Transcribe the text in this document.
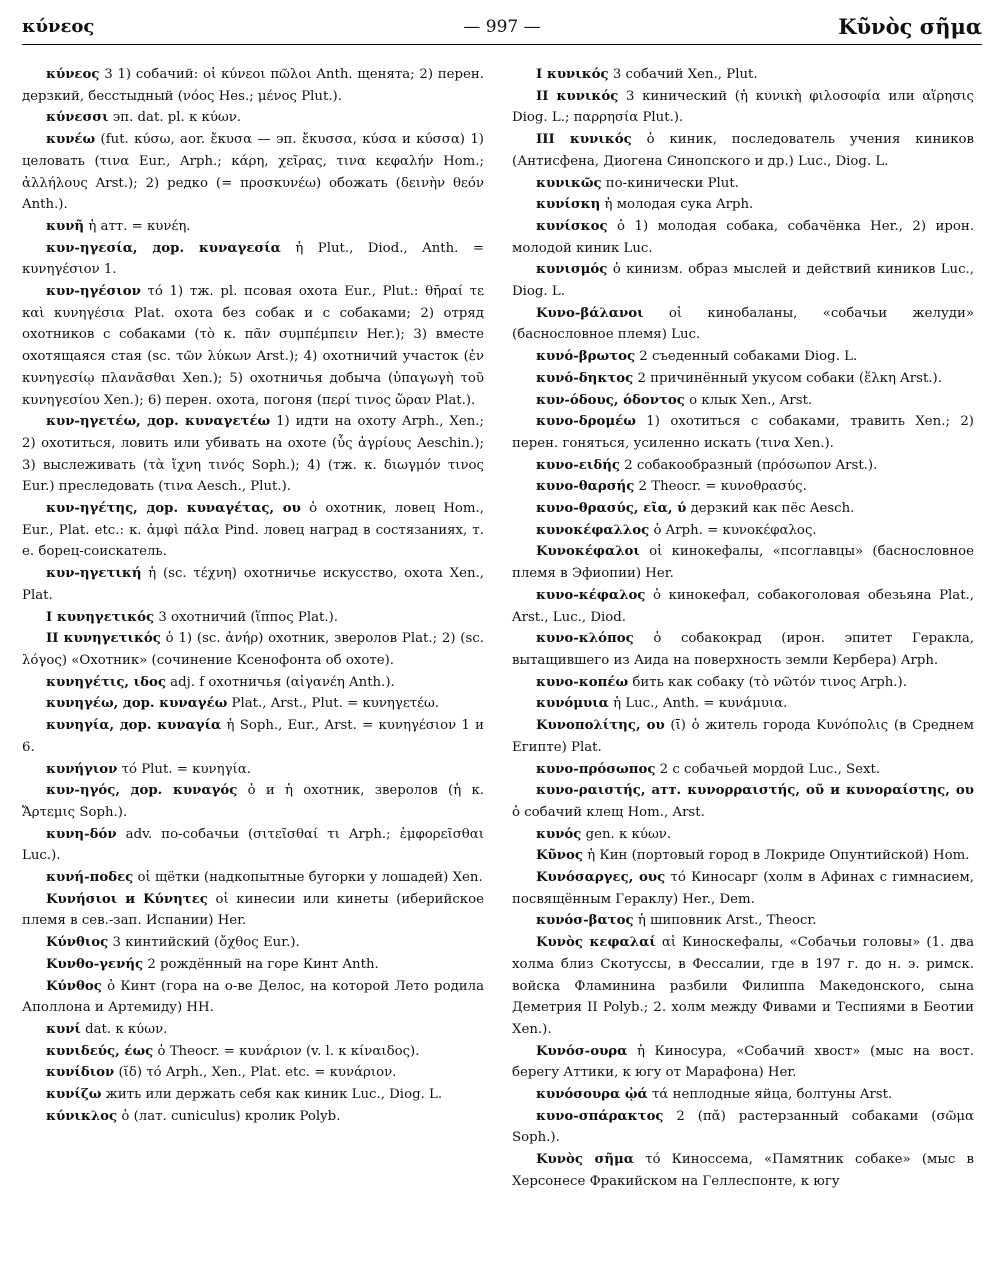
κύνεος	— 997 —	Κῦνὸς σῆμα

κύνεος 3 1) собачий: οἱ κύνεοι πῶλοι Anth. щенята; 2) перен. дерзкий, бесстыдный (νόος Hes.; μένος Plut.).

κύνεσσι эп. dat. pl. к κύων.

κυνέω (fut. κύσω, aor. ἔκυσα — эп. ἔκυσσα, κύσα и κύσσα) 1) целовать (τινα Eur., Arph.; κάρη, χεῖρας, τινα κεφαλήν Hom.; ἀλλήλους Arst.); 2) редко (= προσκυνέω) обожать (δεινὴν θεόν Anth.).

κυνῆ ἡ атт. = κυνέη.

κυν-ηγεσία, дор. κυναγεσία ἡ Plut., Diod., Anth. = κυνηγέσιον 1.

κυν-ηγέσιον τό 1) тж. pl. псовая охота Eur., Plut.: θῆραί τε καὶ κυνηγέσια Plat. охота без собак и с собаками; 2) отряд охотников с собаками (τὸ κ. πᾶν συμπέμπειν Her.); 3) вместе охотящаяся стая (sc. τῶν λύκων Arst.); 4) охотничий участок (ἐν κυνηγεσίῳ πλανᾶσθαι Xen.); 5) охотничья добыча (ὑπαγωγὴ τοῦ κυνηγεσίου Xen.); 6) перен. охота, погоня (περί τινος ὥραν Plat.).

κυν-ηγετέω, дор. κυναγετέω 1) идти на охоту Arph., Xen.; 2) охотиться, ловить или убивать на охоте (ὗς ἀγρίους Aeschin.); 3) выслеживать (τὰ ἴχνη τινός Soph.); 4) (тж. κ. διωγμόν τινος Eur.) преследовать (τινα Aesch., Plut.).

κυν-ηγέτης, дор. κυναγέτας, ου ὁ охотник, ловец Hom., Eur., Plat. etc.: κ. ἀμφὶ πάλα Pind. ловец наград в состязаниях, т. е. борец-соискатель.

κυν-ηγετική ἡ (sc. τέχνη) охотничье искусство, охота Xen., Plat.

I κυνηγετικός 3 охотничий (ἵππος Plat.).

II κυνηγετικός ὁ 1) (sc. ἀνήρ) охотник, зверолов Plat.; 2) (sc. λόγος) «Охотник» (сочинение Ксенофонта об охоте).

κυνηγέτις, ιδος adj. f охотничья (αἰγανέη Anth.).

κυνηγέω, дор. κυναγέω Plat., Arst., Plut. = κυνηγετέω.

κυνηγία, дор. κυναγία ἡ Soph., Eur., Arst. = κυνηγέσιον 1 и 6.

κυνήγιον τό Plut. = κυνηγία.

κυν-ηγός, дор. κυναγός ὁ и ἡ охотник, зверолов (ἡ κ. Ἄρτεμις Soph.).

κυνη-δόν adv. по-собачьи (σιτεῖσθαί τι Arph.; ἐμφορεῖσθαι Luc.).

κυνή-ποδες οἱ щётки (надкопытные бугорки у лошадей) Xen.

Κυνήσιοι и Κύνητες οἱ кинесии или кинеты (иберийское племя в сев.-зап. Испании) Her.

Κύνθιος 3 кинтийский (ὄχθος Eur.).

Κυνθο-γενής 2 рождённый на горе Кинт Anth.

Κύνθος ὁ Кинт (гора на о-ве Делос, на которой Лето родила Аполлона и Артемиду) HH.

κυνί dat. к κύων.

κυνιδεύς, έως ὁ Theocr. = κυνάριον (v. l. к κίναιδος).

κυνίδιον (ῐδ) τό Arph., Xen., Plat. etc. = κυνάριον.

κυνίζω жить или держать себя как киник Luc., Diog. L.

κύνικλος ὁ (лат. cuniculus) кролик Polyb.

I κυνικός 3 собачий Xen., Plut.

II κυνικός 3 кинический (ἡ κυνικὴ φιλοσοφία или αἵρησις Diog. L.; παρρησία Plut.).

III κυνικός ὁ киник, последователь учения киников (Антисфена, Диогена Синопского и др.) Luc., Diog. L.

κυνικῶς по-кинически Plut.

κυνίσκη ἡ молодая сука Arph.

κυνίσκος ὁ 1) молодая собака, собачёнка Her., 2) ирон. молодой киник Luc.

κυνισμός ὁ кинизм. образ мыслей и действий киников Luc., Diog. L.

Κυνο-βάλανοι οἱ кинобаланы, «собачьи желуди» (баснословное племя) Luc.

κυνό-βρωτος 2 съеденный собаками Diog. L.

κυνό-δηκτος 2 причинённый укусом собаки (ἕλκη Arst.).

κυν-όδους, όδοντος ο клык Xen., Arst.

κυνο-δρομέω 1) охотиться с собаками, травить Xen.; 2) перен. гоняться, усиленно искать (τινα Xen.).

κυνο-ειδής 2 собакообразный (πρόσωπον Arst.).

κυνο-θαρσής 2 Theocr. = κυνοθρασύς.

κυνο-θρασύς, εῖα, ύ дерзкий как пёс Aesch.

κυνοκέφαλλος ὁ Arph. = κυνοκέφαλος.

Κυνοκέφαλοι οἱ кинокефалы, «псоглавцы» (баснословное племя в Эфиопии) Her.

κυνο-κέφαλος ὁ кинокефал, собакоголовая обезьяна Plat., Arst., Luc., Diod.

κυνο-κλόπος ὁ собакокрад (ирон. эпитет Геракла, вытащившего из Аида на поверхность земли Кербера) Arph.

κυνο-κοπέω бить как собаку (τὸ νῶτόν τινος Arph.).

κυνόμυια ἡ Luc., Anth. = κυνάμυια.

Κυνοπολίτης, ου (ῑ) ὁ житель города Κυνόπολις (в Среднем Египте) Plat.

κυνο-πρόσωπος 2 с собачьей мордой Luc., Sext.

κυνο-ραιστής, атт. κυνορραιστής, οῦ и κυνοραίστης, ου ὁ собачий клещ Hom., Arst.

κυνός gen. к κύων.

Κῦνος ἡ Кин (портовый город в Локриде Опунтийской) Hom.

Κυνόσαργες, ους τό Киносарг (холм в Афинах с гимнасием, посвящённым Гераклу) Her., Dem.

κυνόσ-βατος ἡ шиповник Arst., Theocr.

Κυνὸς κεφαλαί αἱ Киноскефалы, «Собачьи головы» (1. два холма близ Скотуссы, в Фессалии, где в 197 г. до н. э. римск. войска Фламинина разбили Филиппа Македонского, сына Деметрия II Polyb.; 2. холм между Фивами и Теспиями в Беотии Xen.).

Κυνόσ-ουρα ἡ Киносура, «Собачий хвост» (мыс на вост. берегу Аттики, к югу от Марафона) Her.

κυνόσουρα ᾠά τά неплодные яйца, болтуны Arst.

κυνο-σπάρακτος 2 (πᾰ) растерзанный собаками (σῶμα Soph.).

Κυνὸς σῆμα τό Киноссема, «Памятник собаке» (мыс в Херсонесе Фракийском на Геллеспонте, к югу
